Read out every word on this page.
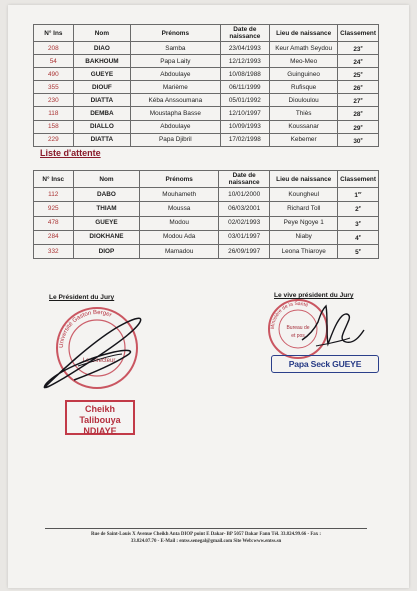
N° Ins	Nom	Prénoms	Date de naissance	Lieu de naissance	Classement
208	DIAO	Samba	23/04/1993	Keur Amath Seydou	23e
54	BAKHOUM	Papa Laity	12/12/1993	Meo-Meo	24e
490	GUEYE	Abdoulaye	10/08/1988	Guinguineo	25e
355	DIOUF	Marième	06/11/1999	Rufisque	26e
230	DIATTA	Kéba Anssoumana	05/01/1992	Diouloulou	27e
118	DEMBA	Moustapha Basse	12/10/1997	Thiès	28e
158	DIALLO	Abdoulaye	10/09/1993	Koussanar	29e
229	DIATTA	Papa Djibril	17/02/1998	Kebemer	30e
Liste d'attente
N° Insc	Nom	Prénoms	Date de naissance	Lieu de naissance	Classement
112	DABO	Mouhameth	10/01/2000	Koungheul	1er
925	THIAM	Moussa	06/03/2001	Richard Toll	2e
478	GUEYE	Modou	02/02/1993	Peye Ngoye 1	3e
284	DIOKHANE	Modou Ada	03/01/1997	Niaby	4e
332	DIOP	Mamadou	26/09/1997	Leona Thiaroye	5e
Le Président du Jury
Université Gaston Berger
Le Directeur
Cheikh Talibouya
NDIAYE
Le vive président du Jury
Ministère de la Santé
Bureau de
et pos
Papa Seck GUEYE
Rue de Saint-Louis X Avenue Cheikh Anta DIOP point E Dakar- BP 5057 Dakar Fann Tél. 33.824.99.66 - Fax :
33.824.07.70 - E-Mail : entss.senegal@gmail.com Site Web:www.entss.sn
